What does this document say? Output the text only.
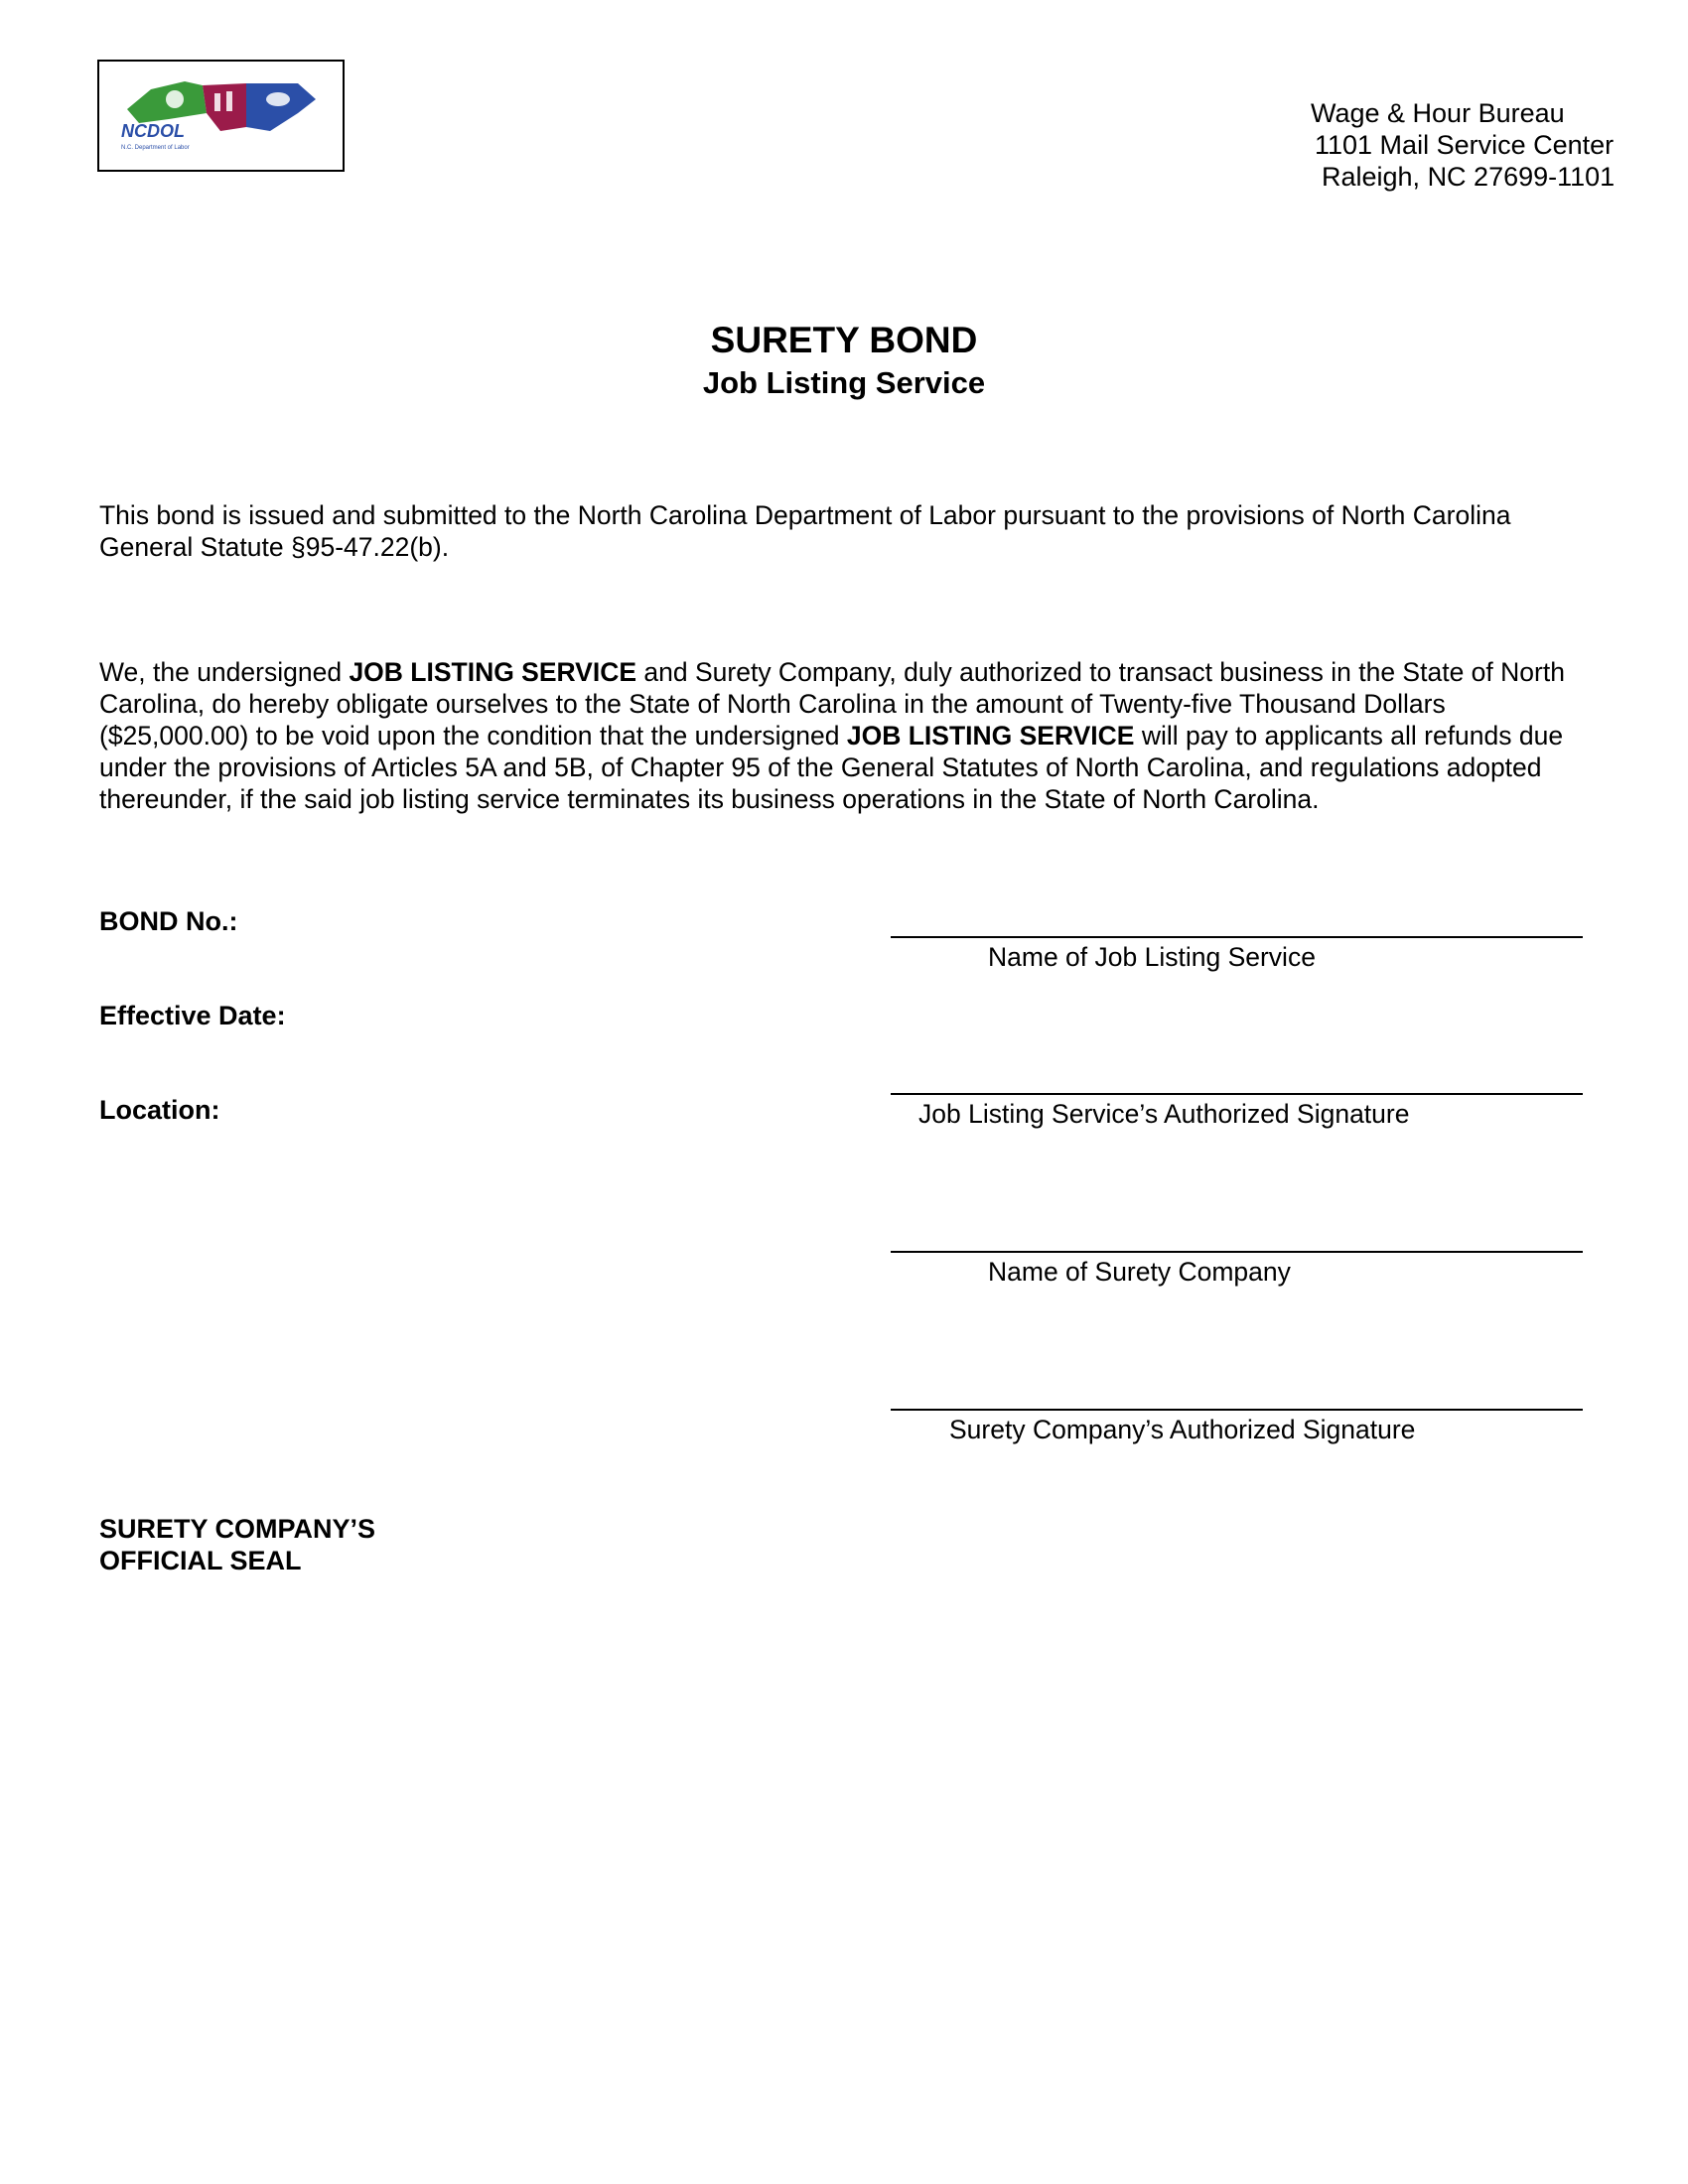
NCDOL
N.C. Department of Labor
Wage & Hour Bureau
1101 Mail Service Center
Raleigh, NC 27699-1101
SURETY BOND
Job Listing Service

This bond is issued and submitted to the North Carolina Department of Labor pursuant to the provisions of North Carolina General Statute §95-47.22(b).

We, the undersigned JOB LISTING SERVICE and Surety Company, duly authorized to transact business in the State of North Carolina, do hereby obligate ourselves to the State of North Carolina in the amount of Twenty-five Thousand Dollars ($25,000.00) to be void upon the condition that the undersigned JOB LISTING SERVICE will pay to applicants all refunds due under the provisions of Articles 5A and 5B, of Chapter 95 of the General Statutes of North Carolina, and regulations adopted thereunder, if the said job listing service terminates its business operations in the State of North Carolina.

BOND No.:
Effective Date:
Location:
Name of Job Listing Service
Job Listing Service’s Authorized Signature
Name of Surety Company
Surety Company’s Authorized Signature
SURETY COMPANY’S
OFFICIAL SEAL
